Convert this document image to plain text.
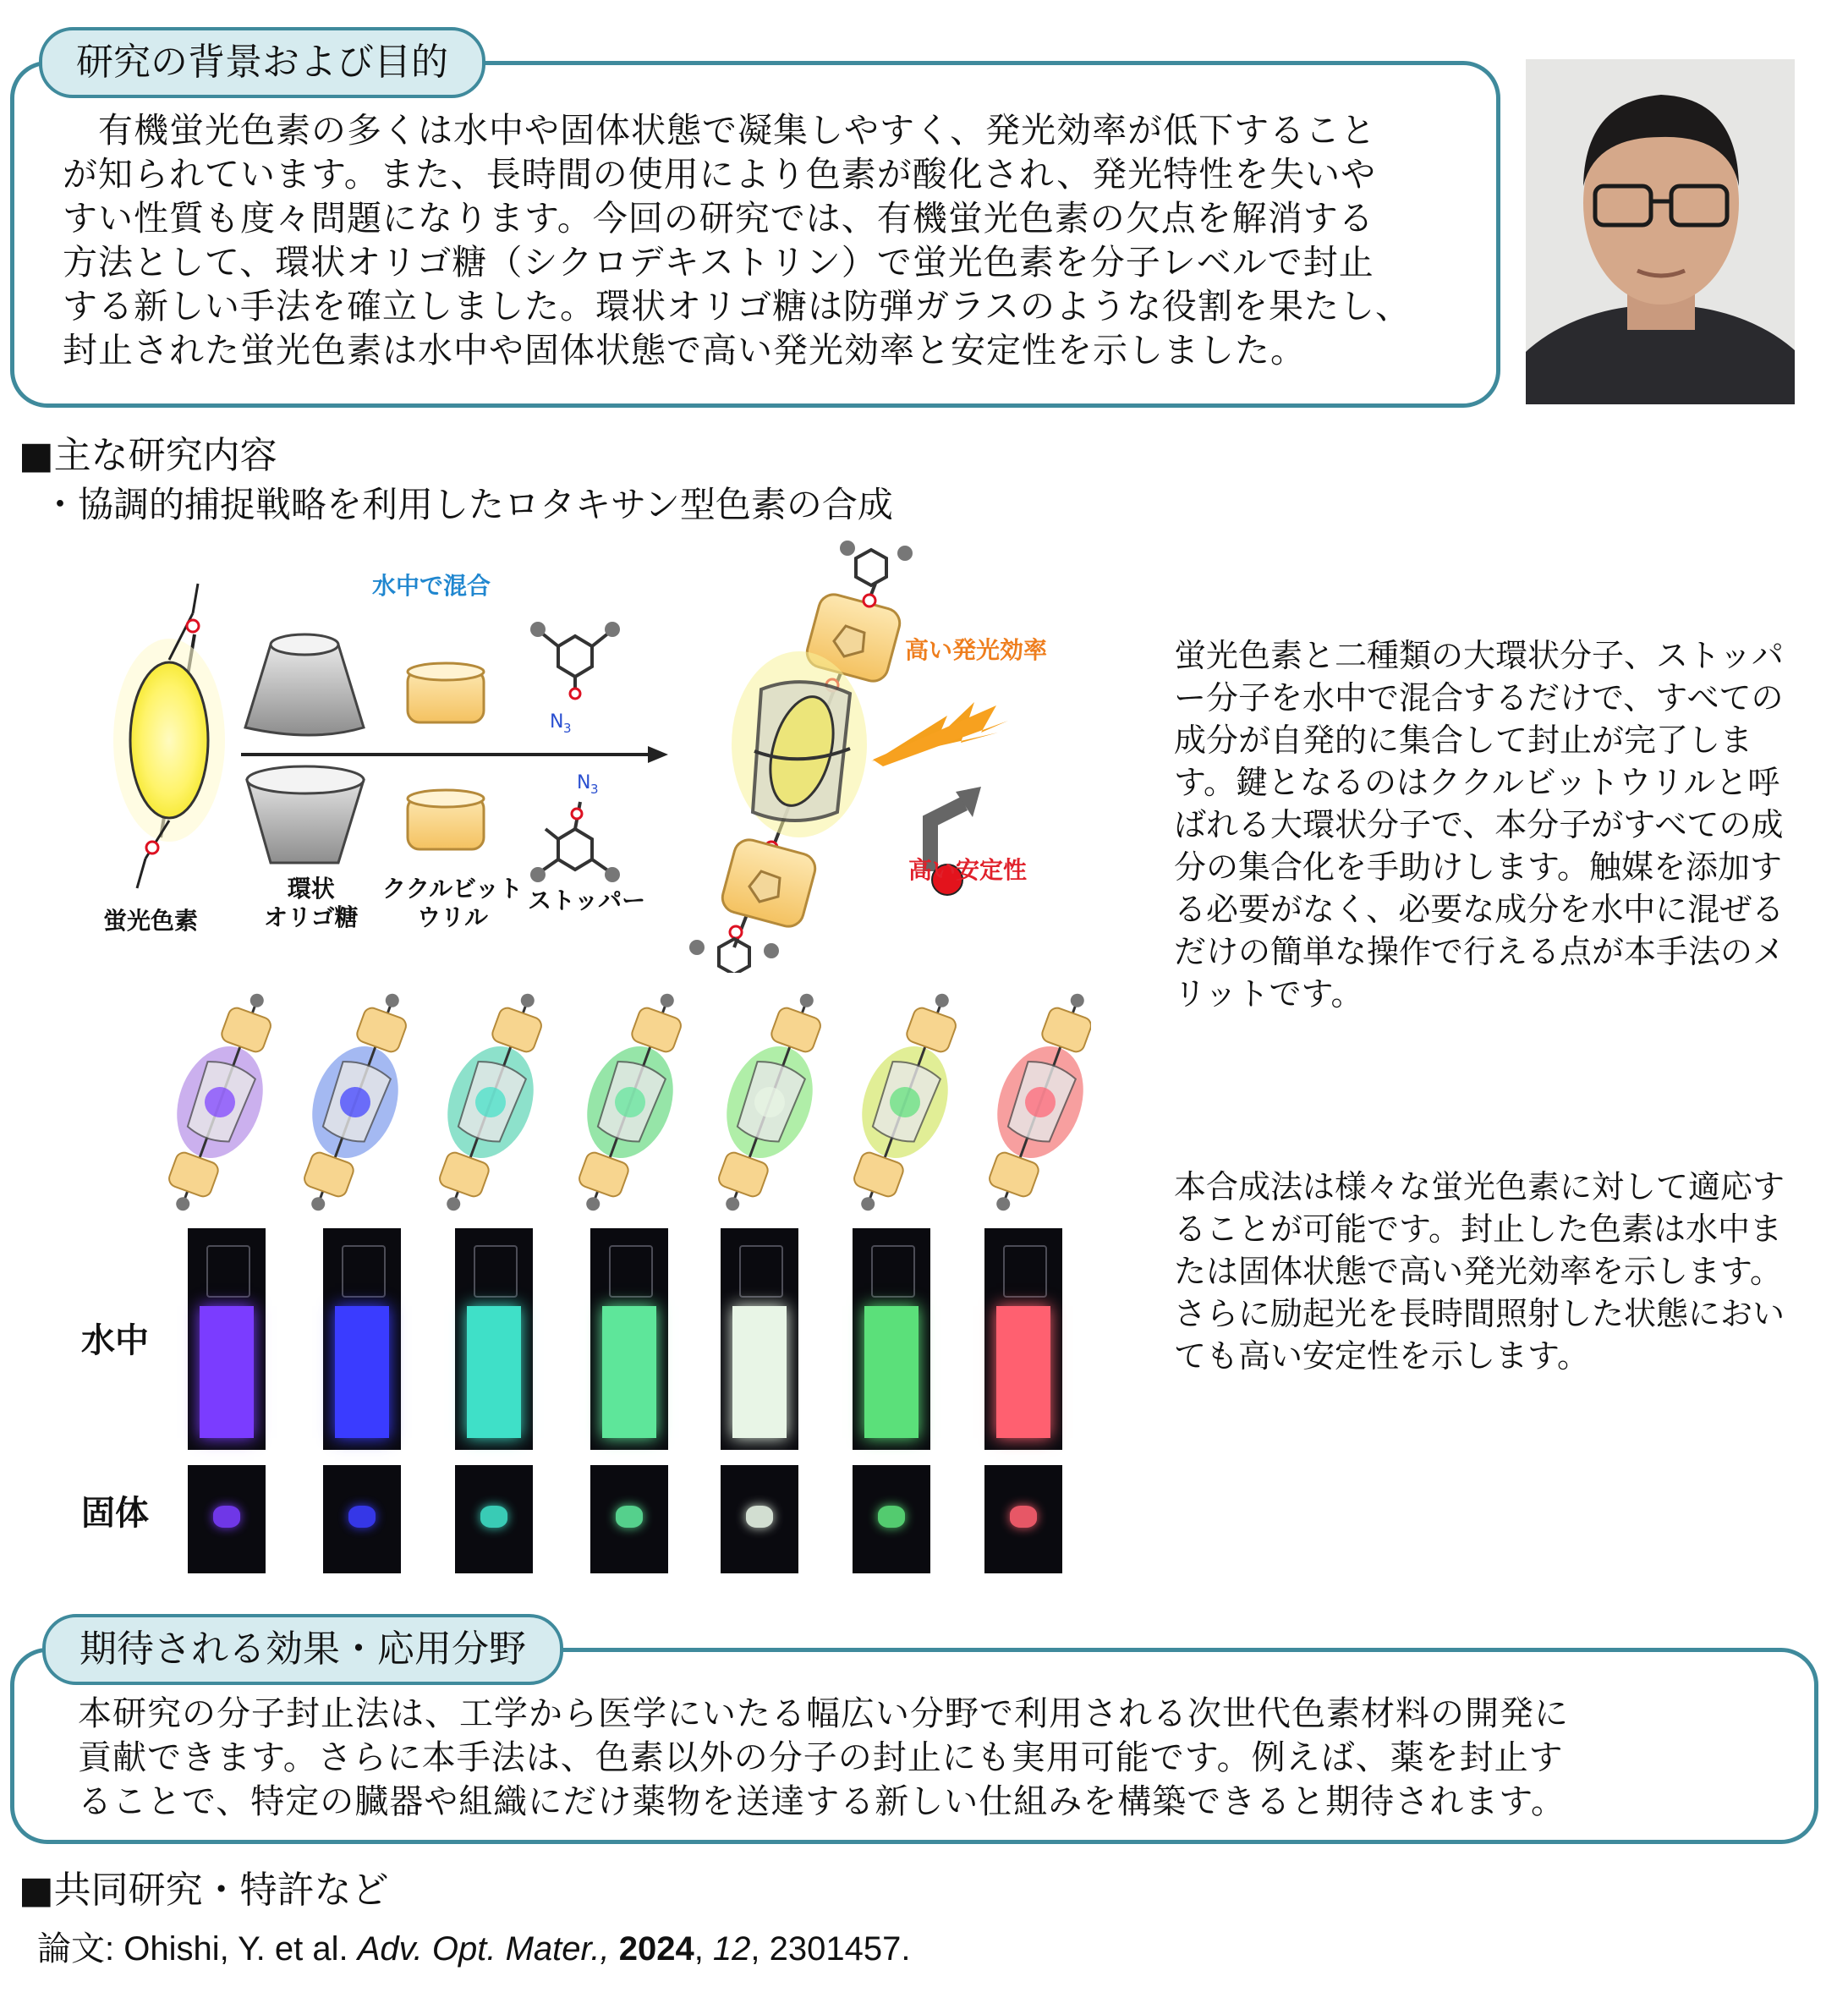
研究の背景および目的
　有機蛍光色素の多くは水中や固体状態で凝集しやすく、発光効率が低下すること
が知られています。また、長時間の使用により色素が酸化され、発光特性を失いや
すい性質も度々問題になります。今回の研究では、有機蛍光色素の欠点を解消する
方法として、環状オリゴ糖（シクロデキストリン）で蛍光色素を分子レベルで封止
する新しい手法を確立しました。環状オリゴ糖は防弾ガラスのような役割を果たし、
封止された蛍光色素は水中や固体状態で高い発光効率と安定性を示しました。
■主な研究内容
・協調的捕捉戦略を利用したロタキサン型色素の合成
N 3
N 3
水中で混合
高い発光効率
高い安定性
蛍光色素
環状
オリゴ糖
ククルビット
ウリル
ストッパー
蛍光色素と二種類の大環状分子、ストッパー分子を水中で混合するだけで、すべての成分が自発的に集合して封止が完了します。鍵となるのはククルビットウリルと呼ばれる大環状分子で、本分子がすべての成分の集合化を手助けします。触媒を添加する必要がなく、必要な成分を水中に混ぜるだけの簡単な操作で行える点が本手法のメリットです。
本合成法は様々な蛍光色素に対して適応することが可能です。封止した色素は水中または固体状態で高い発光効率を示します。さらに励起光を長時間照射した状態においても高い安定性を示します。
水中
固体
期待される効果・応用分野
本研究の分子封止法は、工学から医学にいたる幅広い分野で利用される次世代色素材料の開発に
貢献できます。さらに本手法は、色素以外の分子の封止にも実用可能です。例えば、薬を封止す
ることで、特定の臓器や組織にだけ薬物を送達する新しい仕組みを構築できると期待されます。
■共同研究・特許など
論文: Ohishi, Y. et al. Adv. Opt. Mater., 2024, 12, 2301457.
